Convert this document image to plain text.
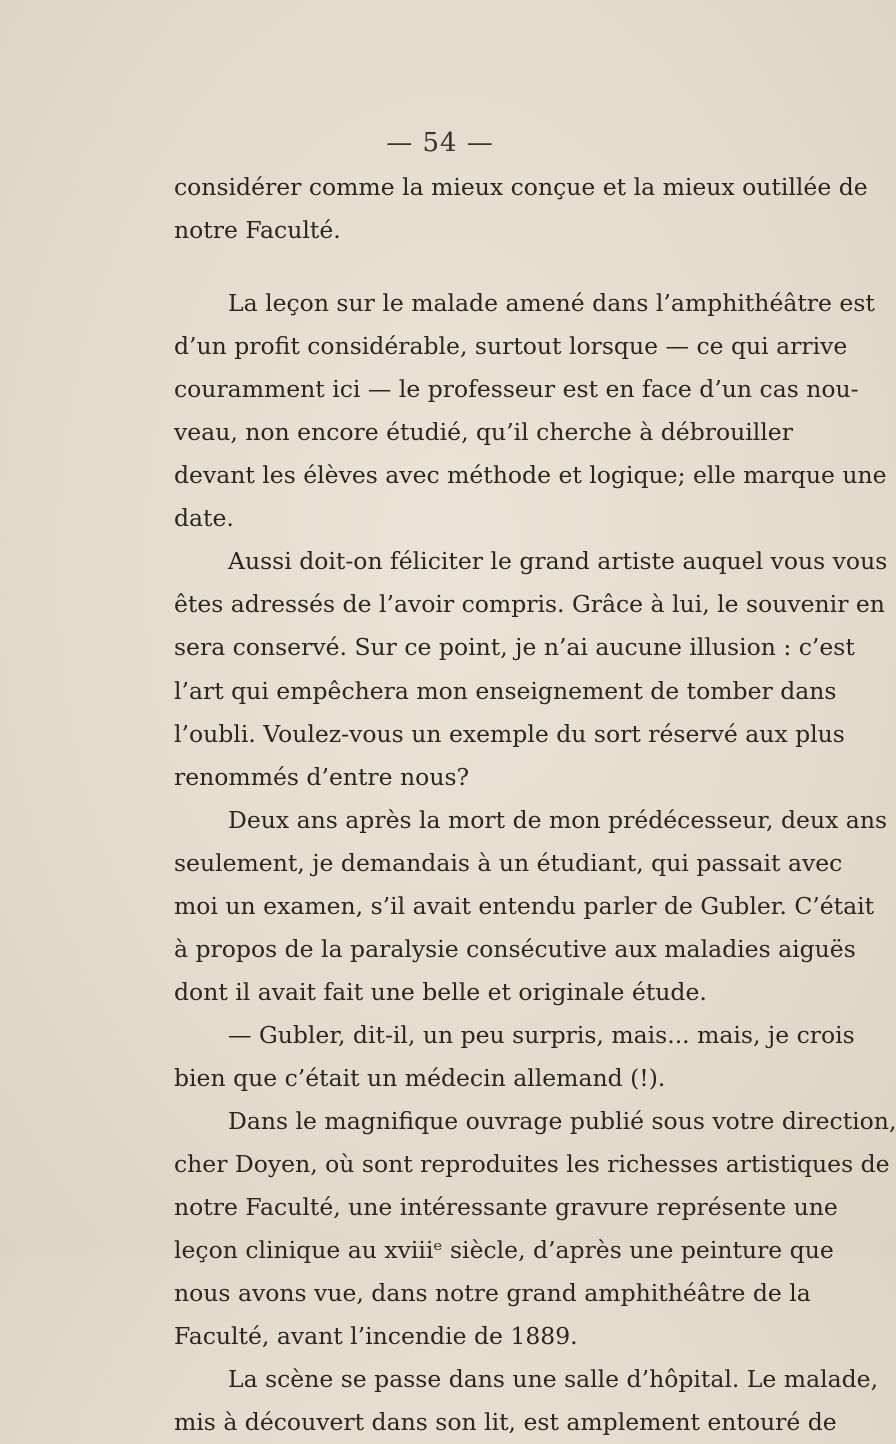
— 54 —
considérer comme la mieux conçue et la mieux outillée de
notre Faculté.
La leçon sur le malade amené dans l’amphithéâtre est
d’un profit considérable, surtout lorsque — ce qui arrive
couramment ici — le professeur est en face d’un cas nou-
veau, non encore étudié, qu’il cherche à débrouiller
devant les élèves avec méthode et logique; elle marque une
date.
Aussi doit-on féliciter le grand artiste auquel vous vous
êtes adressés de l’avoir compris. Grâce à lui, le souvenir en
sera conservé. Sur ce point, je n’ai aucune illusion : c’est
l’art qui empêchera mon enseignement de tomber dans
l’oubli. Voulez-vous un exemple du sort réservé aux plus
renommés d’entre nous?
Deux ans après la mort de mon prédécesseur, deux ans
seulement, je demandais à un étudiant, qui passait avec
moi un examen, s’il avait entendu parler de Gubler. C’était
à propos de la paralysie consécutive aux maladies aiguës
dont il avait fait une belle et originale étude.
— Gubler, dit-il, un peu surpris, mais... mais, je crois
bien que c’était un médecin allemand (!).
Dans le magnifique ouvrage publié sous votre direction,
cher Doyen, où sont reproduites les richesses artistiques de
notre Faculté, une intéressante gravure représente une
leçon clinique au xviiiᵉ siècle, d’après une peinture que
nous avons vue, dans notre grand amphithéâtre de la
Faculté, avant l’incendie de 1889.
La scène se passe dans une salle d’hôpital. Le malade,
mis à découvert dans son lit, est amplement entouré de
